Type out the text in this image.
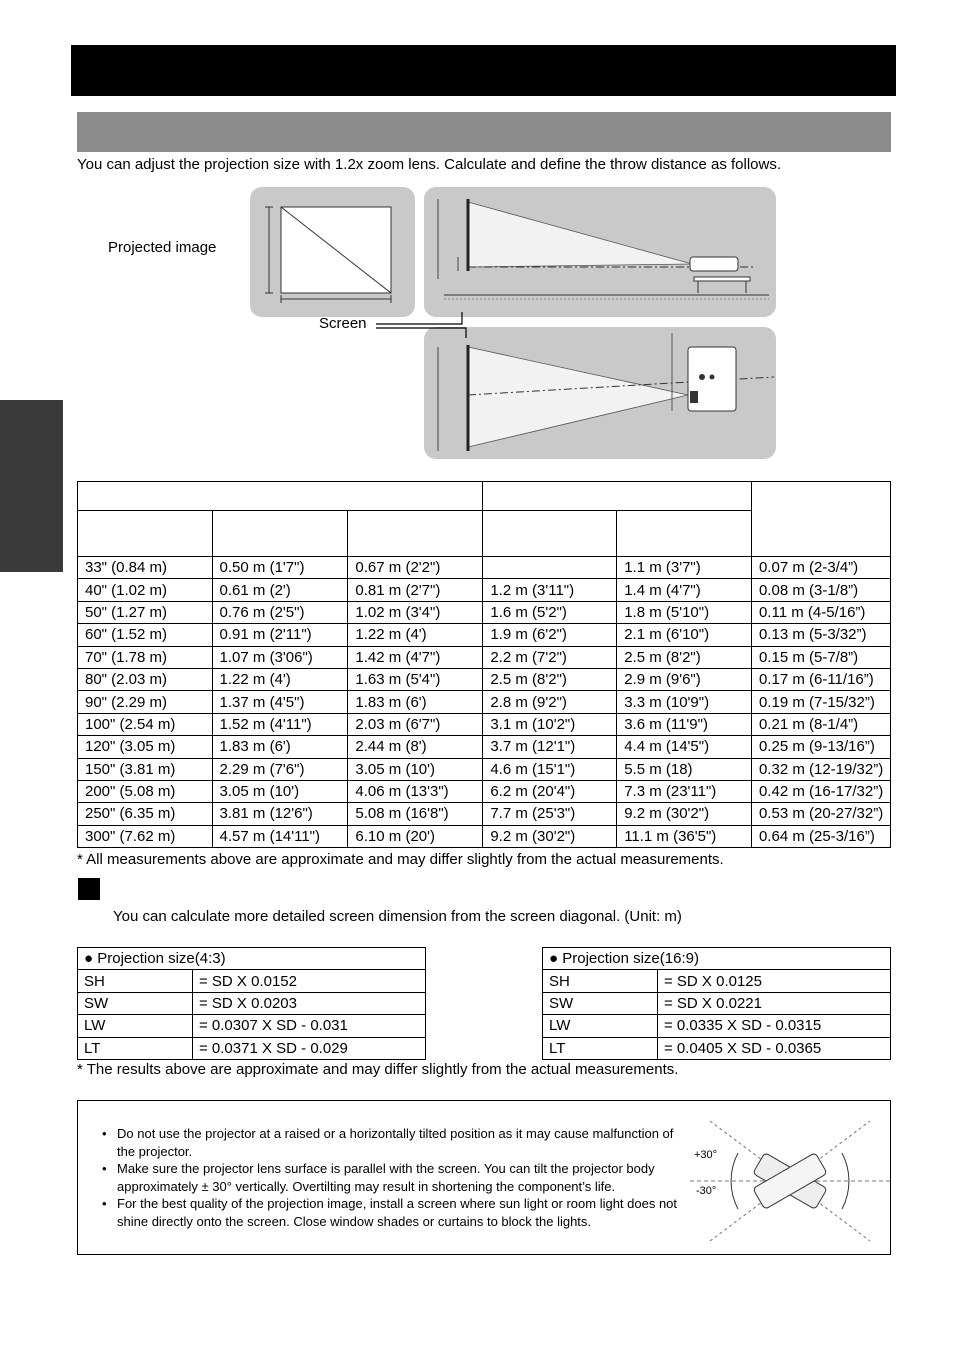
You can adjust the projection size with 1.2x zoom lens. Calculate and define the throw distance as follows.
Projected image
Screen

33" (0.84 m)	0.50 m (1'7")	0.67 m (2'2")		1.1 m (3'7")	0.07 m (2-3/4”)
40" (1.02 m)	0.61 m (2')	0.81 m (2'7")	1.2 m (3'11")	1.4 m (4'7")	0.08 m (3-1/8”)
50" (1.27 m)	0.76 m (2'5")	1.02 m (3'4")	1.6 m (5'2")	1.8 m (5'10")	0.11 m (4-5/16”)
60" (1.52 m)	0.91 m (2'11")	1.22 m (4')	1.9 m (6'2")	2.1 m (6'10")	0.13 m (5-3/32”)
70" (1.78 m)	1.07 m (3'06")	1.42 m (4'7")	2.2 m (7'2")	2.5 m (8'2")	0.15 m (5-7/8”)
80" (2.03 m)	1.22 m (4')	1.63 m (5'4")	2.5 m (8'2")	2.9 m (9'6")	0.17 m (6-11/16”)
90" (2.29 m)	1.37 m (4'5")	1.83 m (6')	2.8 m (9'2")	3.3 m (10'9")	0.19 m (7-15/32”)
100" (2.54 m)	1.52 m (4'11")	2.03 m (6'7")	3.1 m (10'2")	3.6 m (11'9")	0.21 m (8-1/4”)
120" (3.05 m)	1.83 m (6')	2.44 m (8')	3.7 m (12'1")	4.4 m (14'5")	0.25 m (9-13/16”)
150" (3.81 m)	2.29 m (7'6")	3.05 m (10')	4.6 m (15'1")	5.5 m (18)	0.32 m (12-19/32”)
200" (5.08 m)	3.05 m (10')	4.06 m (13'3")	6.2 m (20'4")	7.3 m (23'11")	0.42 m (16-17/32”)
250" (6.35 m)	3.81 m (12'6")	5.08 m (16'8")	7.7 m (25'3")	9.2 m (30'2")	0.53 m (20-27/32”)
300" (7.62 m)	4.57 m (14'11")	6.10 m (20')	9.2 m (30'2")	11.1 m (36'5")	0.64 m (25-3/16”)
* All measurements above are approximate and may differ slightly from the actual measurements.
You can calculate more detailed screen dimension from the screen diagonal. (Unit: m)
● Projection size(4:3)	
SH	= SD X 0.0152
SW	= SD X 0.0203
LW	= 0.0307 X SD - 0.031
LT	= 0.0371 X SD - 0.029
● Projection size(16:9)	
SH	= SD X 0.0125
SW	= SD X 0.0221
LW	= 0.0335 X SD - 0.0315
LT	= 0.0405 X SD - 0.0365
* The results above are approximate and may differ slightly from the actual measurements.
• Do not use the projector at a raised or a horizontally tilted position as it may cause malfunction of the projector.
• Make sure the projector lens surface is parallel with the screen. You can tilt the projector body approximately ± 30° vertically. Overtilting may result in shortening the component’s life.
• For the best quality of the projection image, install a screen where sun light or room light does not shine directly onto the screen. Close window shades or curtains to block the lights.
+30°
-30°
